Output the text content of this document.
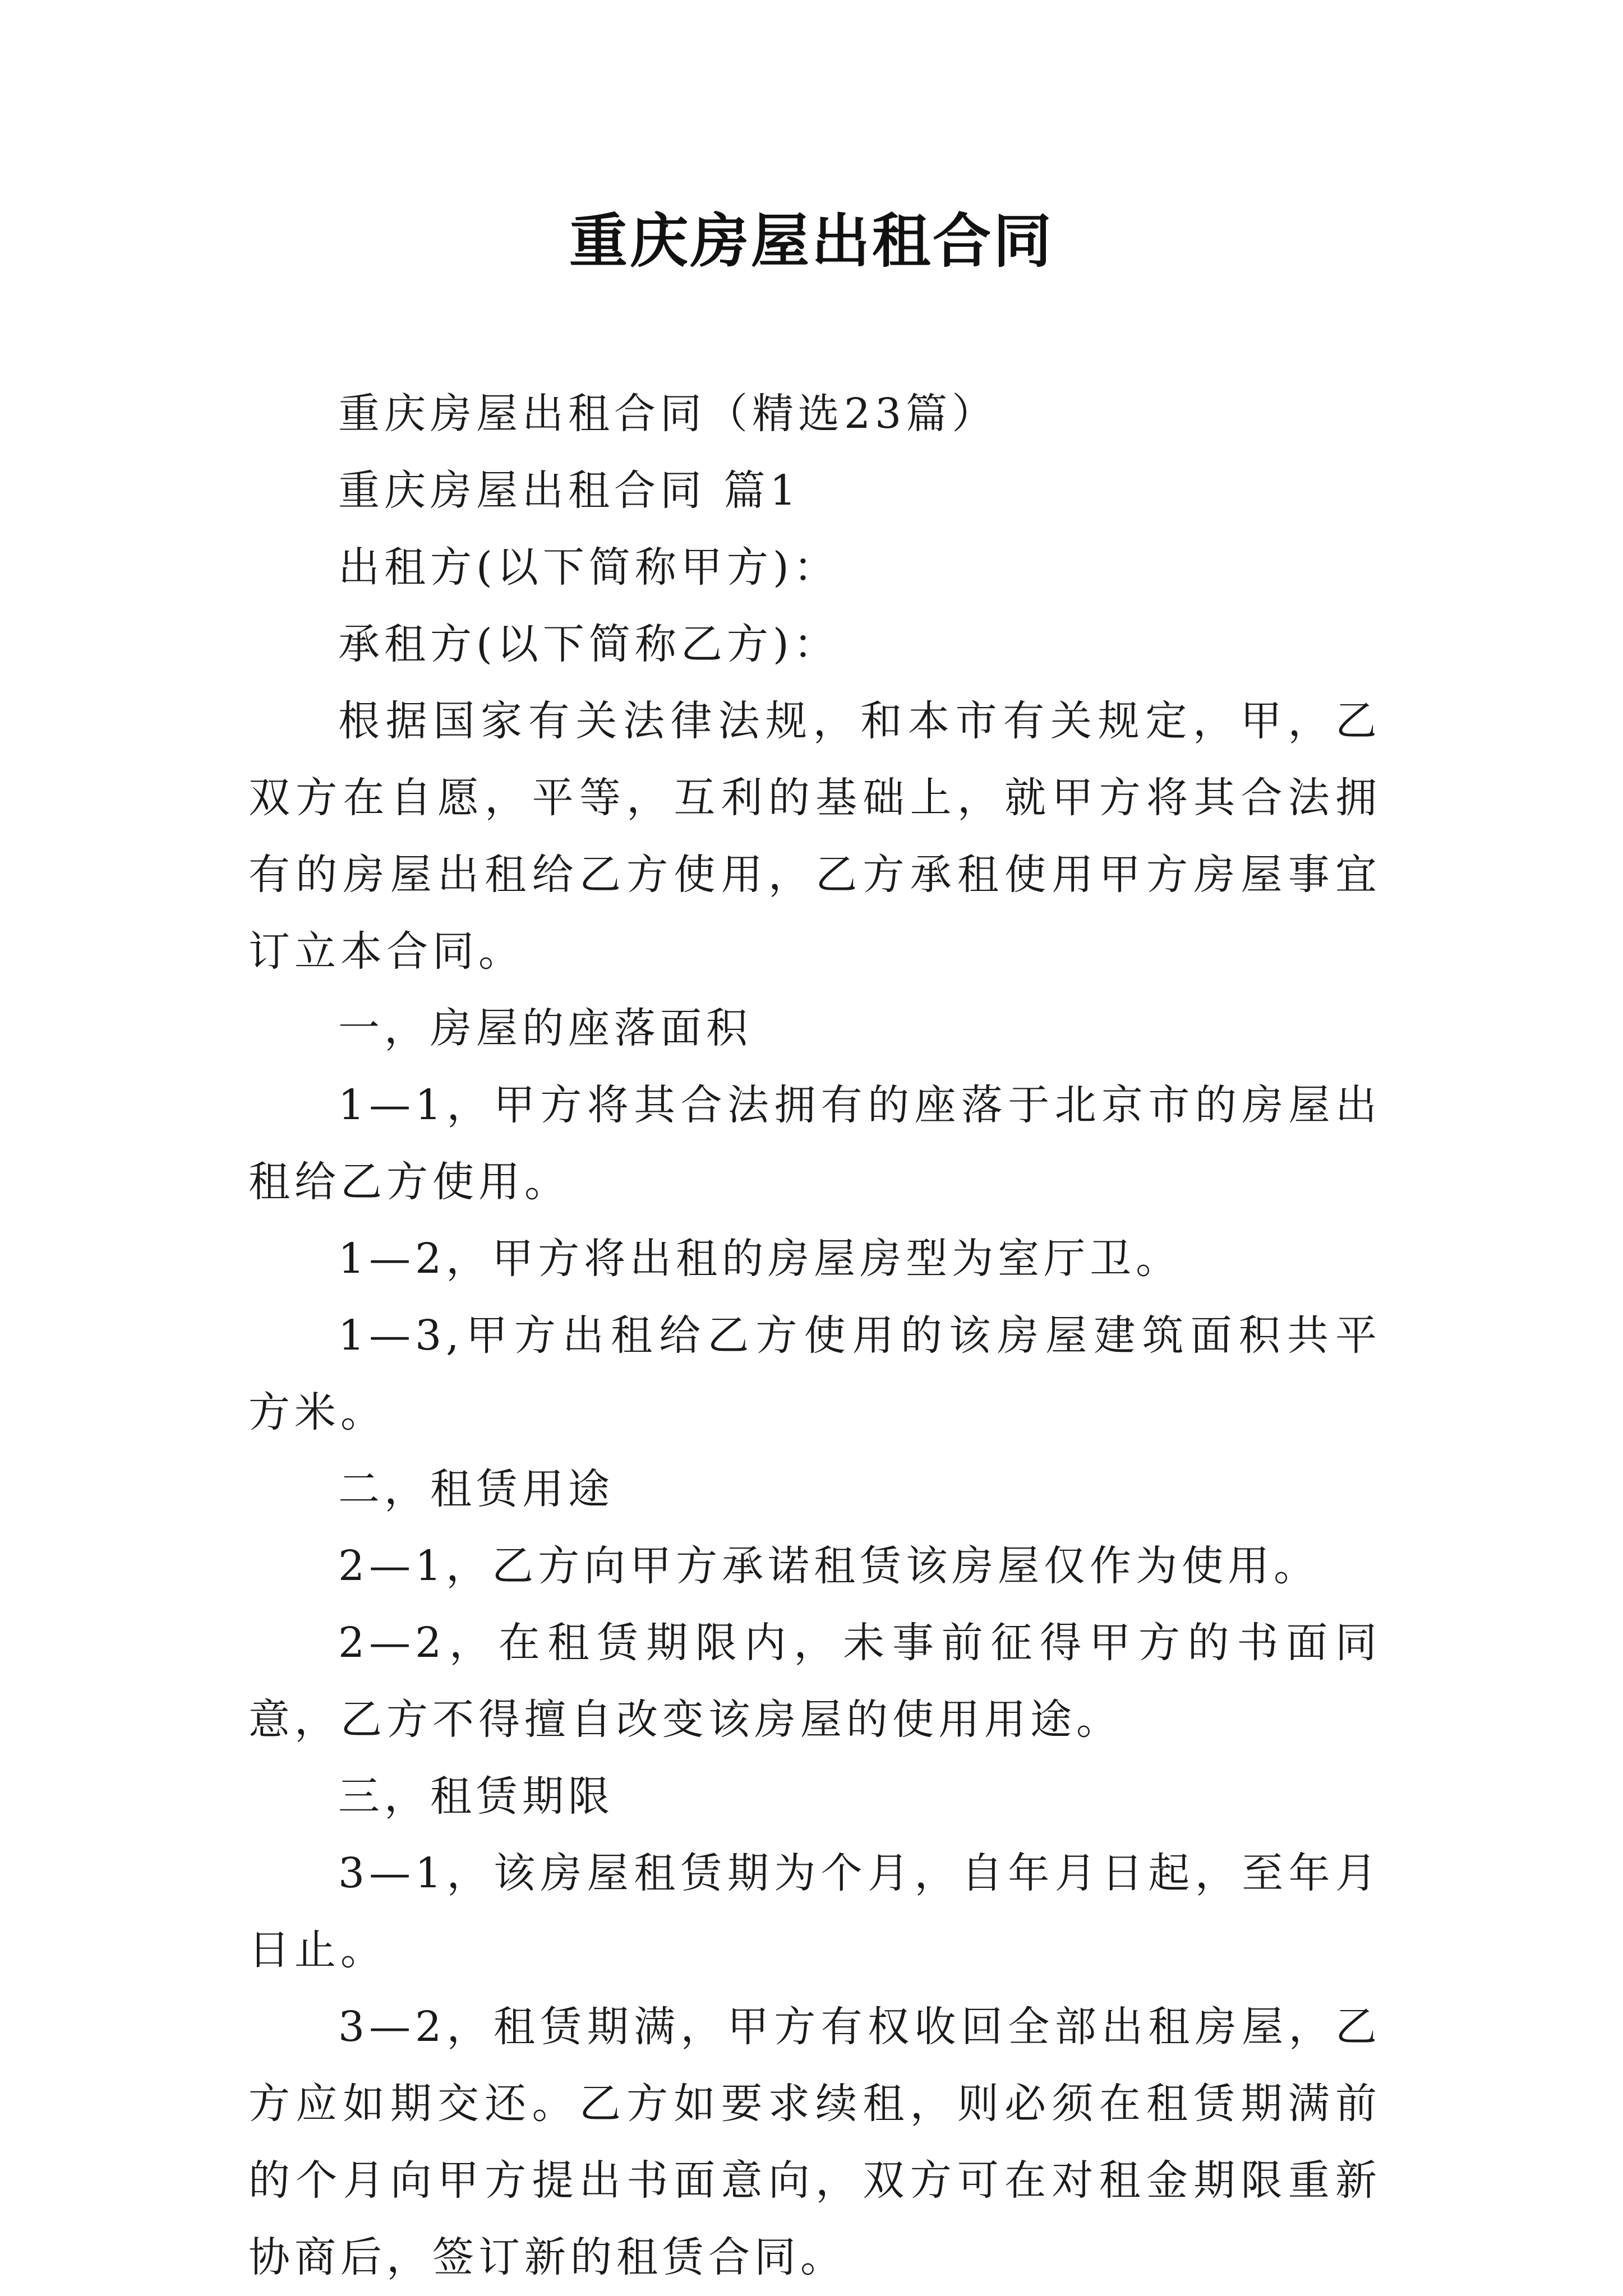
重庆房屋出租合同

重庆房屋出租合同（精选23篇）

重庆房屋出租合同 篇1

出租方(以下简称甲方)：

承租方(以下简称乙方)：

根据国家有关法律法规，和本市有关规定，甲，乙双方在自愿，平等，互利的基础上，就甲方将其合法拥有的房屋出租给乙方使用，乙方承租使用甲方房屋事宜订立本合同。

一，房屋的座落面积

1—1，甲方将其合法拥有的座落于北京市的房屋出租给乙方使用。

1—2，甲方将出租的房屋房型为室厅卫。

1—3,甲方出租给乙方使用的该房屋建筑面积共平方米。

二，租赁用途

2—1，乙方向甲方承诺租赁该房屋仅作为使用。

2—2，在租赁期限内，未事前征得甲方的书面同意，乙方不得擅自改变该房屋的使用用途。

三，租赁期限

3—1，该房屋租赁期为个月，自年月日起，至年月日止。

3—2，租赁期满，甲方有权收回全部出租房屋，乙方应如期交还。乙方如要求续租，则必须在租赁期满前的个月向甲方提出书面意向，双方可在对租金期限重新协商后，签订新的租赁合同。
